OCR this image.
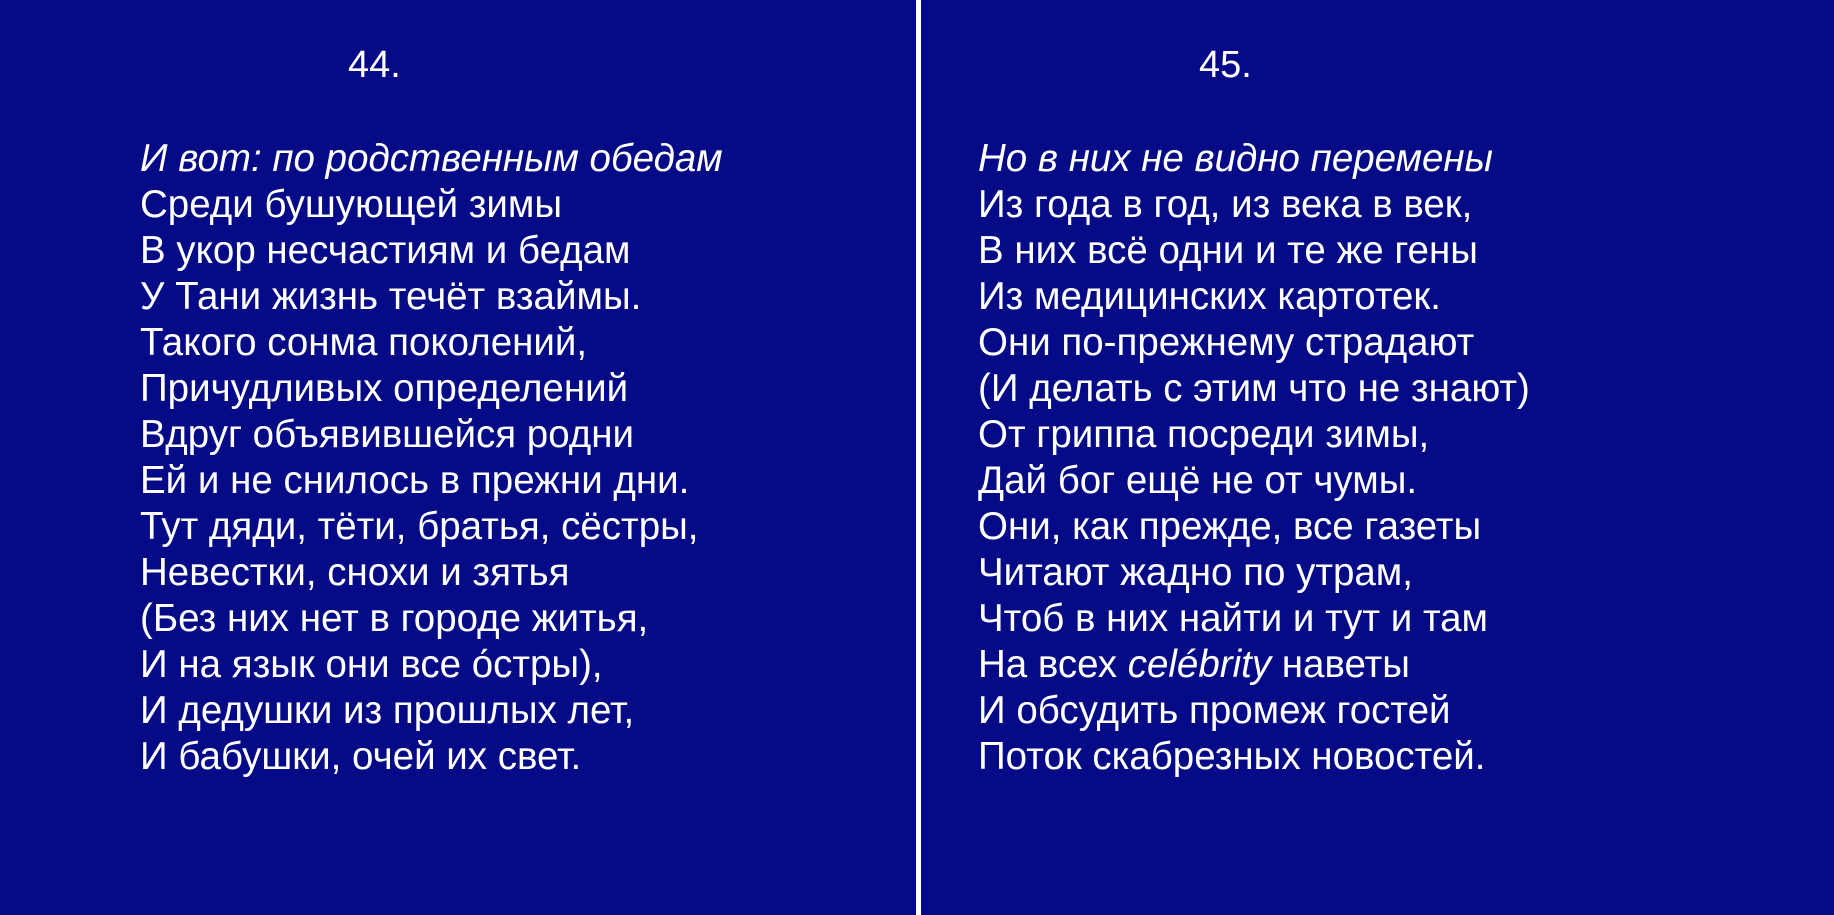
44.
И вот: по родственным обедам
Среди бушующей зимы
В укор несчастиям и бедам
У Тани жизнь течёт взаймы.
Такого сонма поколений,
Причудливых определений
Вдруг объявившейся родни
Ей и не снилось в прежни дни.
Тут дяди, тёти, братья, сёстры,
Невестки, снохи и зятья
(Без них нет в городе житья,
И на язык они все о́стры),
И дедушки из прошлых лет,
И бабушки, очей их свет.
45.
Но в них не видно перемены
Из года в год, из века в век,
В них всё одни и те же гены
Из медицинских картотек.
Они по-прежнему страдают
(И делать с этим что не знают)
От гриппа посреди зимы,
Дай бог ещё не от чумы.
Они, как прежде, все газеты
Читают жадно по утрам,
Чтоб в них найти и тут и там
На всех celébrity наветы
И обсудить промеж гостей
Поток скабрезных новостей.
